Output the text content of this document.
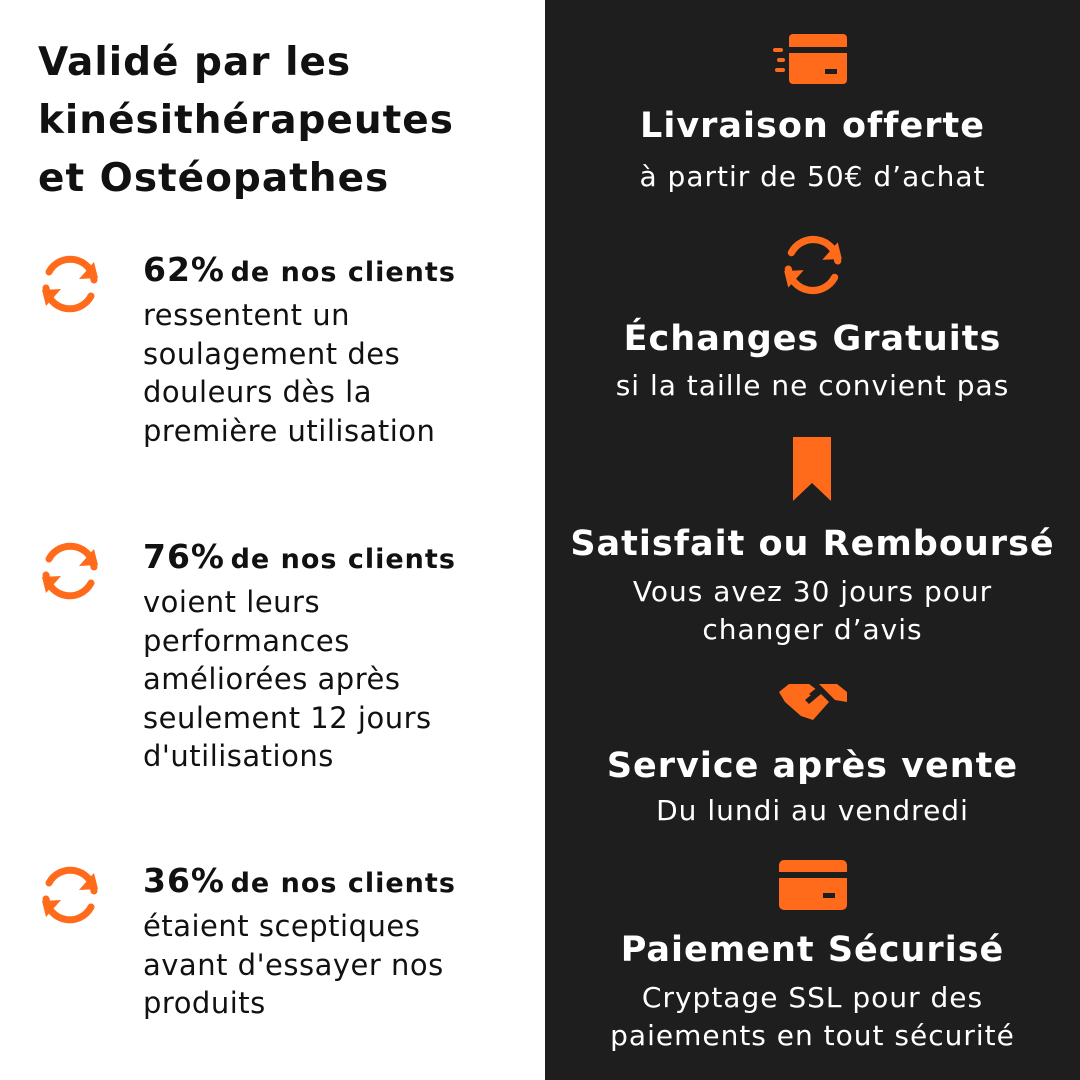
Validé par les
kinésithérapeutes
et Ostéopathes
62% de nos clients
ressentent un
soulagement des
douleurs dès la
première utilisation
76% de nos clients
voient leurs
performances
améliorées après
seulement 12 jours
d'utilisations
36% de nos clients
étaient sceptiques
avant d'essayer nos
produits
Livraison offerte
à partir de 50€ d’achat
Échanges Gratuits
si la taille ne convient pas
Satisfait ou Remboursé
Vous avez 30 jours pour
changer d’avis
Service après vente
Du lundi au vendredi
Paiement Sécurisé
Cryptage SSL pour des
paiements en tout sécurité
